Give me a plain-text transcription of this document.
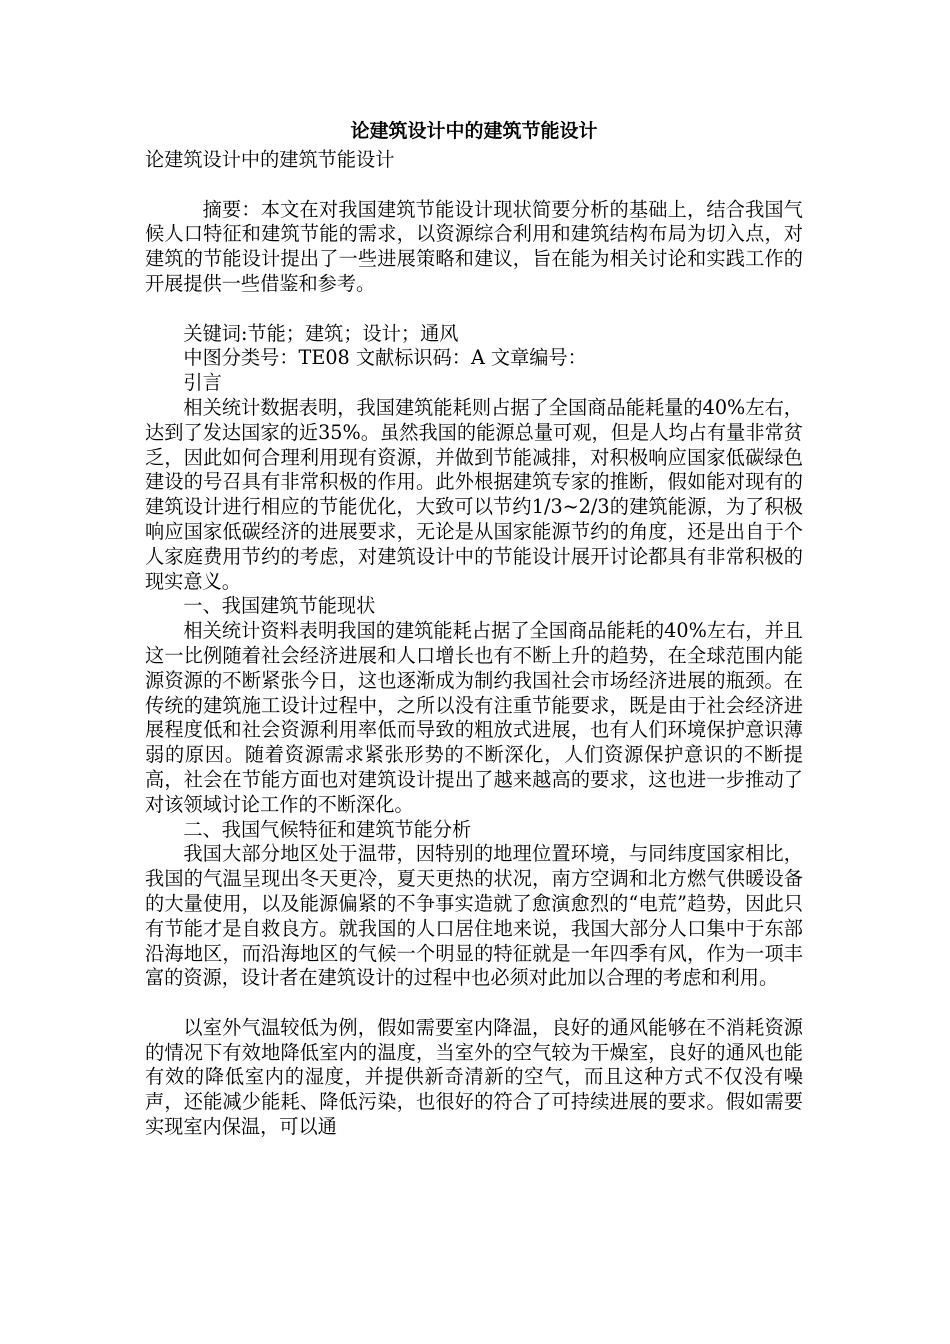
论建筑设计中的建筑节能设计

论建筑设计中的建筑节能设计

摘要：本文在对我国建筑节能设计现状简要分析的基础上，结合我国气候人口特征和建筑节能的需求，以资源综合利用和建筑结构布局为切入点，对建筑的节能设计提出了一些进展策略和建议，旨在能为相关讨论和实践工作的开展提供一些借鉴和参考。

关键词:节能；建筑；设计；通风

中图分类号：TE08 文献标识码：A 文章编号：

引言

相关统计数据表明，我国建筑能耗则占据了全国商品能耗量的40%左右，达到了发达国家的近35%。虽然我国的能源总量可观，但是人均占有量非常贫乏，因此如何合理利用现有资源，并做到节能减排，对积极响应国家低碳绿色建设的号召具有非常积极的作用。此外根据建筑专家的推断，假如能对现有的建筑设计进行相应的节能优化，大致可以节约1/3~2/3的建筑能源，为了积极响应国家低碳经济的进展要求，无论是从国家能源节约的角度，还是出自于个人家庭费用节约的考虑，对建筑设计中的节能设计展开讨论都具有非常积极的现实意义。

一、我国建筑节能现状

相关统计资料表明我国的建筑能耗占据了全国商品能耗的40%左右，并且这一比例随着社会经济进展和人口增长也有不断上升的趋势，在全球范围内能源资源的不断紧张今日，这也逐渐成为制约我国社会市场经济进展的瓶颈。在传统的建筑施工设计过程中，之所以没有注重节能要求，既是由于社会经济进展程度低和社会资源利用率低而导致的粗放式进展，也有人们环境保护意识薄弱的原因。随着资源需求紧张形势的不断深化，人们资源保护意识的不断提高，社会在节能方面也对建筑设计提出了越来越高的要求，这也进一步推动了对该领域讨论工作的不断深化。

二、我国气候特征和建筑节能分析

我国大部分地区处于温带，因特别的地理位置环境，与同纬度国家相比，我国的气温呈现出冬天更冷，夏天更热的状况，南方空调和北方燃气供暖设备的大量使用，以及能源偏紧的不争事实造就了愈演愈烈的“电荒”趋势，因此只有节能才是自救良方。就我国的人口居住地来说，我国大部分人口集中于东部沿海地区，而沿海地区的气候一个明显的特征就是一年四季有风，作为一项丰富的资源，设计者在建筑设计的过程中也必须对此加以合理的考虑和利用。

以室外气温较低为例，假如需要室内降温，良好的通风能够在不消耗资源的情况下有效地降低室内的温度，当室外的空气较为干燥室，良好的通风也能有效的降低室内的湿度，并提供新奇清新的空气，而且这种方式不仅没有噪声，还能减少能耗、降低污染，也很好的符合了可持续进展的要求。假如需要实现室内保温，可以通
